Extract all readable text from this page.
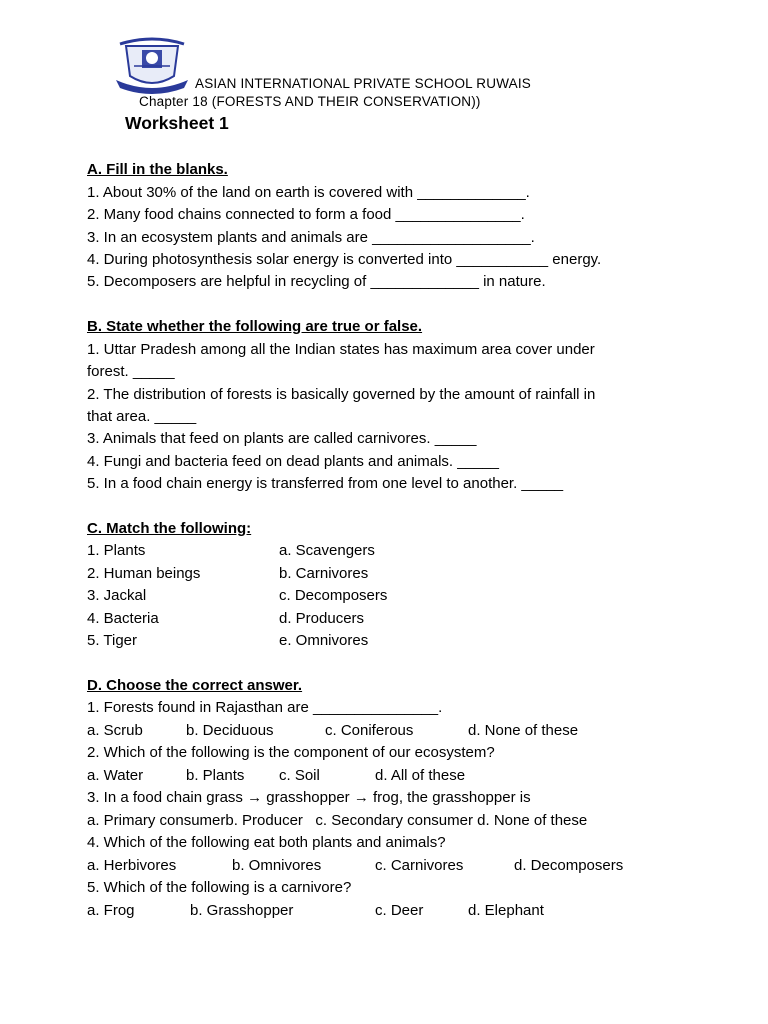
ASIAN INTERNATIONAL PRIVATE SCHOOL RUWAIS
Chapter 18 (FORESTS AND THEIR CONSERVATION))
Worksheet 1
A. Fill in the blanks.
1. About 30% of the land on earth is covered with _____________.
2. Many food chains connected to form a food _______________.
3. In an ecosystem plants and animals are ___________________.
4. During photosynthesis solar energy is converted into ___________ energy.
5. Decomposers are helpful in recycling of _____________ in nature.
B. State whether the following are true or false.
1. Uttar Pradesh among all the Indian states has maximum area cover under
forest. _____
2. The distribution of forests is basically governed by the amount of rainfall in
that area. _____
3. Animals that feed on plants are called carnivores. _____
4. Fungi and bacteria feed on dead plants and animals. _____
5. In a food chain energy is transferred from one level to another. _____
C. Match the following:
1. Plants	a. Scavengers
2. Human beings	b. Carnivores
3. Jackal	c. Decomposers
4. Bacteria	d. Producers
5. Tiger	e. Omnivores
D. Choose the correct answer.
1. Forests found in Rajasthan are _______________.
a. Scrub	b. Deciduous	c. Coniferous	d. None of these
2. Which of the following is the component of our ecosystem?
a. Water	b. Plants c. Soil	d. All of these
3. In a food chain grass → grasshopper → frog, the grasshopper is
a. Primary consumerb. Producer   c. Secondary consumer d. None of these
4. Which of the following eat both plants and animals?
a. Herbivores	b. Omnivores	c. Carnivores	d. Decomposers
5. Which of the following is a carnivore?
a. Frog	b. Grasshopper	c. Deer	d. Elephant
